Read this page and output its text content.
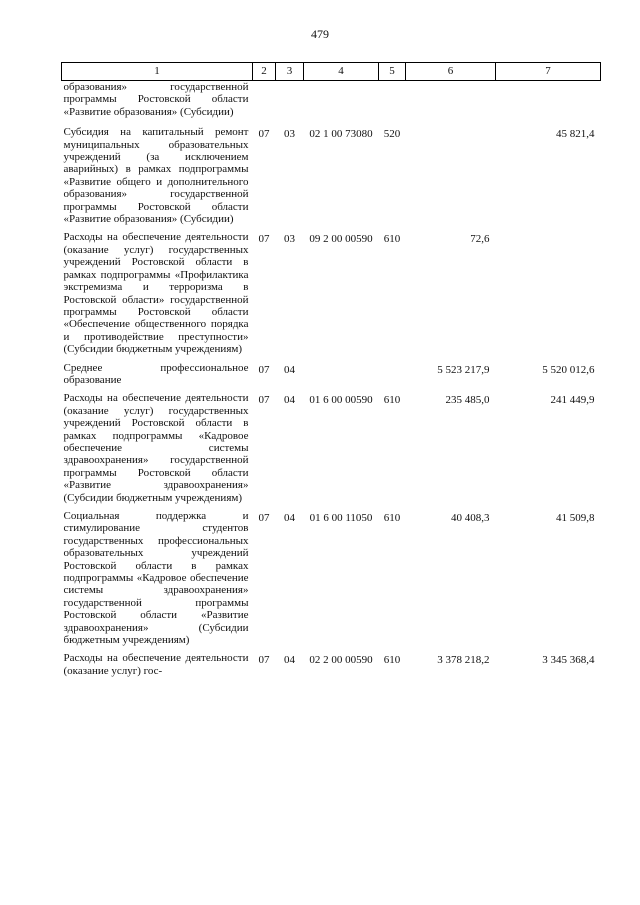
479
1	2	3	4	5	6	7
образования» государственной программы Ростовской области «Развитие образования» (Субсидии)						
Субсидия на капитальный ремонт муниципальных образовательных учреждений (за исключением аварийных) в рамках подпрограммы «Развитие общего и дополнительного образования» государственной программы Ростовской области «Развитие образования» (Субсидии)	07	03	02 1 00 73080	520		45 821,4
Расходы на обеспечение деятельности (оказание услуг) государственных учреждений Ростовской области в рамках подпрограммы «Профилактика экстремизма и терроризма в Ростовской области» государственной программы Ростовской области «Обеспечение общественного порядка и противодействие преступности» (Субсидии бюджетным учреждениям)	07	03	09 2 00 00590	610	72,6	
Среднее профессиональное образование	07	04			5 523 217,9	5 520 012,6
Расходы на обеспечение деятельности (оказание услуг) государственных учреждений Ростовской области в рамках подпрограммы «Кадровое обеспечение системы здравоохранения» государственной программы Ростовской области «Развитие здравоохранения» (Субсидии бюджетным учреждениям)	07	04	01 6 00 00590	610	235 485,0	241 449,9
Социальная поддержка и стимулирование студентов государственных профессиональных образовательных учреждений Ростовской области в рамках подпрограммы «Кадровое обеспечение системы здравоохранения» государственной программы Ростовской области «Развитие здравоохранения» (Субсидии бюджетным учреждениям)	07	04	01 6 00 11050	610	40 408,3	41 509,8
Расходы на обеспечение деятельности (оказание услуг) гос-	07	04	02 2 00 00590	610	3 378 218,2	3 345 368,4
